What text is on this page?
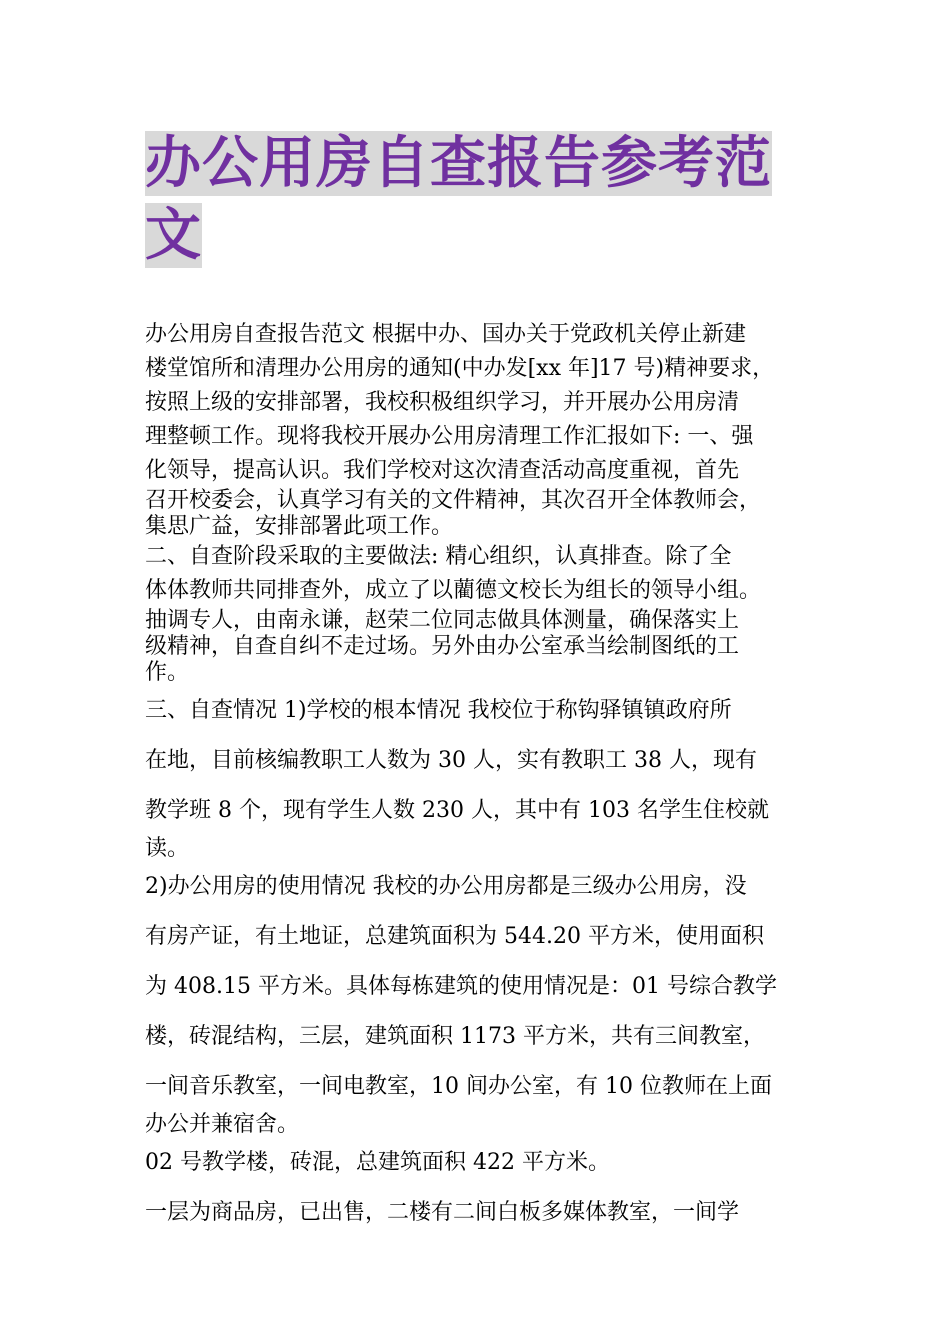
办公用房自查报告参考范
文
办公用房自查报告范文 根据中办、国办关于党政机关停止新建
楼堂馆所和清理办公用房的通知(中办发[xx 年]17 号)精神要求，
按照上级的安排部署，我校积极组织学习，并开展办公用房清
理整顿工作。现将我校开展办公用房清理工作汇报如下: 一、强
化领导，提高认识。我们学校对这次清查活动高度重视，首先
召开校委会，认真学习有关的文件精神，其次召开全体教师会，
集思广益，安排部署此项工作。
二、自查阶段采取的主要做法: 精心组织，认真排查。除了全
体体教师共同排查外，成立了以藺德文校长为组长的领导小组。
抽调专人，由南永谦，赵荣二位同志做具体测量，确保落实上
级精神，自查自纠不走过场。另外由办公室承当绘制图纸的工
作。
三、自查情况 1)学校的根本情况 我校位于称钩驿镇镇政府所
在地，目前核编教职工人数为 30 人，实有教职工 38 人，现有
教学班 8 个，现有学生人数 230 人，其中有 103 名学生住校就
读。
2)办公用房的使用情况 我校的办公用房都是三级办公用房，没
有房产证，有土地证，总建筑面积为 544.20 平方米，使用面积
为 408.15 平方米。具体每栋建筑的使用情况是：01 号综合教学
楼，砖混结构，三层，建筑面积 1173 平方米，共有三间教室，
一间音乐教室，一间电教室，10 间办公室，有 10 位教师在上面
办公并兼宿舍。
02 号教学楼，砖混，总建筑面积 422 平方米。
一层为商品房，已出售，二楼有二间白板多媒体教室，一间学
